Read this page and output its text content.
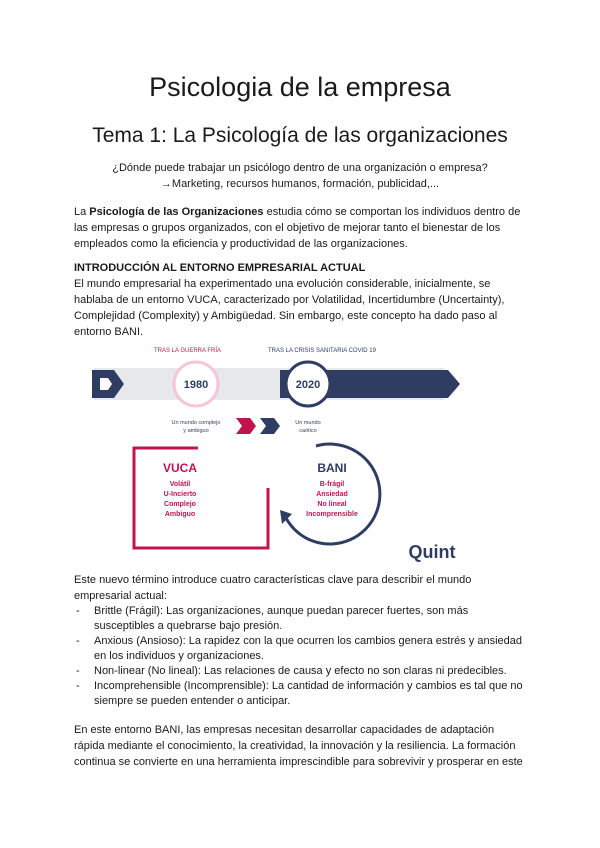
Psicologia de la empresa
Tema 1: La Psicología de las organizaciones
¿Dónde puede trabajar un psicólogo dentro de una organización o empresa?
→Marketing, recursos humanos, formación, publicidad,...

La Psicología de las Organizaciones estudia cómo se comportan los individuos dentro de las empresas o grupos organizados, con el objetivo de mejorar tanto el bienestar de los empleados como la eficiencia y productividad de las organizaciones.

INTRODUCCIÓN AL ENTORNO EMPRESARIAL ACTUAL

El mundo empresarial ha experimentado una evolución considerable, inicialmente, se hablaba de un entorno VUCA, caracterizado por Volatilidad, Incertidumbre (Uncertainty), Complejidad (Complexity) y Ambigüedad. Sin embargo, este concepto ha dado paso al entorno BANI.

TRAS LA GUERRA FRÍA	TRAS LA CRISIS SANITARIA COVID 19
1980	2020
Un mundo complejo
y ambiguo
Un mundo
caótico
VUCA
Volátil
U-Incierto
Complejo
Ambiguo
BANI
B-frágil
Ansiedad
No lineal
Incomprensible
Quint

Este nuevo término introduce cuatro características clave para describir el mundo empresarial actual:

- Brittle (Frágil): Las organizaciones, aunque puedan parecer fuertes, son más susceptibles a quebrarse bajo presión.
- Anxious (Ansioso): La rapidez con la que ocurren los cambios genera estrés y ansiedad en los individuos y organizaciones.
- Non-linear (No lineal): Las relaciones de causa y efecto no son claras ni predecibles.
- Incomprehensible (Incomprensible): La cantidad de información y cambios es tal que no siempre se pueden entender o anticipar.

En este entorno BANI, las empresas necesitan desarrollar capacidades de adaptación rápida mediante el conocimiento, la creatividad, la innovación y la resiliencia. La formación continua se convierte en una herramienta imprescindible para sobrevivir y prosperar en este
